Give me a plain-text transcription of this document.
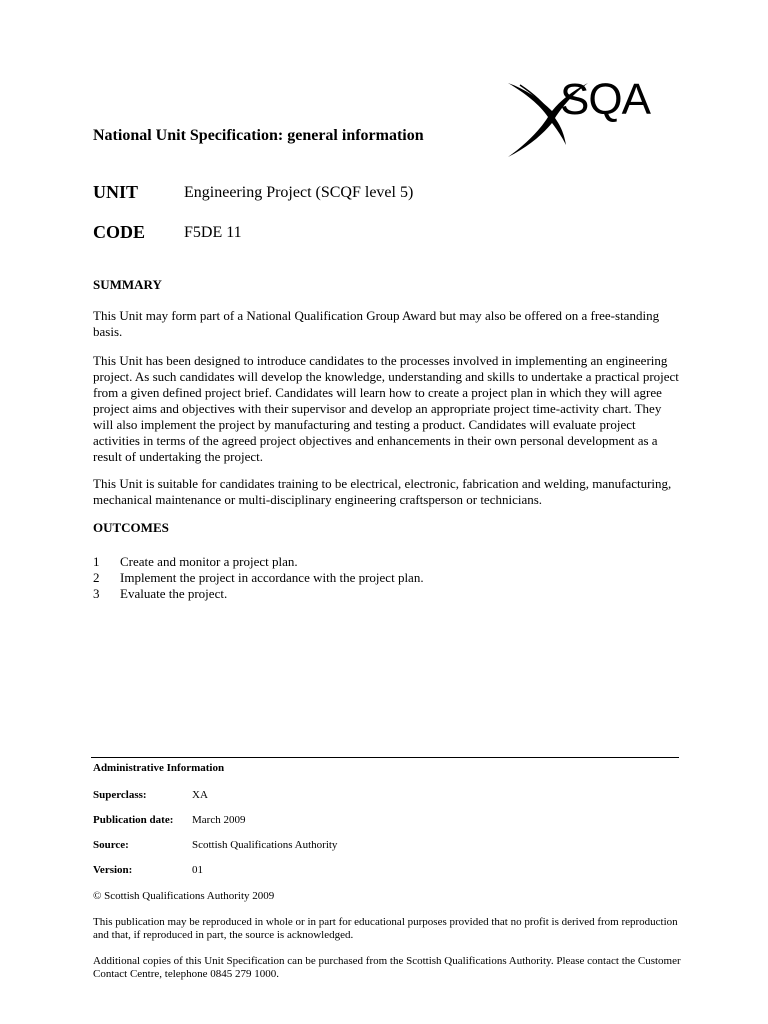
SQA
National Unit Specification: general information
UNIT	Engineering Project (SCQF level 5)
CODE F5DE 11
SUMMARY

This Unit may form part of a National Qualification Group Award but may also be offered on a free-standing basis.

This Unit has been designed to introduce candidates to the processes involved in implementing an engineering project. As such candidates will develop the knowledge, understanding and skills to undertake a practical project from a given defined project brief. Candidates will learn how to create a project plan in which they will agree project aims and objectives with their supervisor and develop an appropriate project time-activity chart. They will also implement the project by manufacturing and testing a product. Candidates will evaluate project activities in terms of the agreed project objectives and enhancements in their own personal development as a result of undertaking the project.

This Unit is suitable for candidates training to be electrical, electronic, fabrication and welding, manufacturing, mechanical maintenance or multi-disciplinary engineering craftsperson or technicians.

OUTCOMES
1	Create and monitor a project plan.
2	Implement the project in accordance with the project plan.
3	Evaluate the project.
Administrative Information
Superclass:	XA
Publication date: March 2009
Source:	Scottish Qualifications Authority
Version:	01
© Scottish Qualifications Authority 2009

This publication may be reproduced in whole or in part for educational purposes provided that no profit is derived from reproduction and that, if reproduced in part, the source is acknowledged.

Additional copies of this Unit Specification can be purchased from the Scottish Qualifications Authority. Please contact the Customer Contact Centre, telephone 0845 279 1000.
